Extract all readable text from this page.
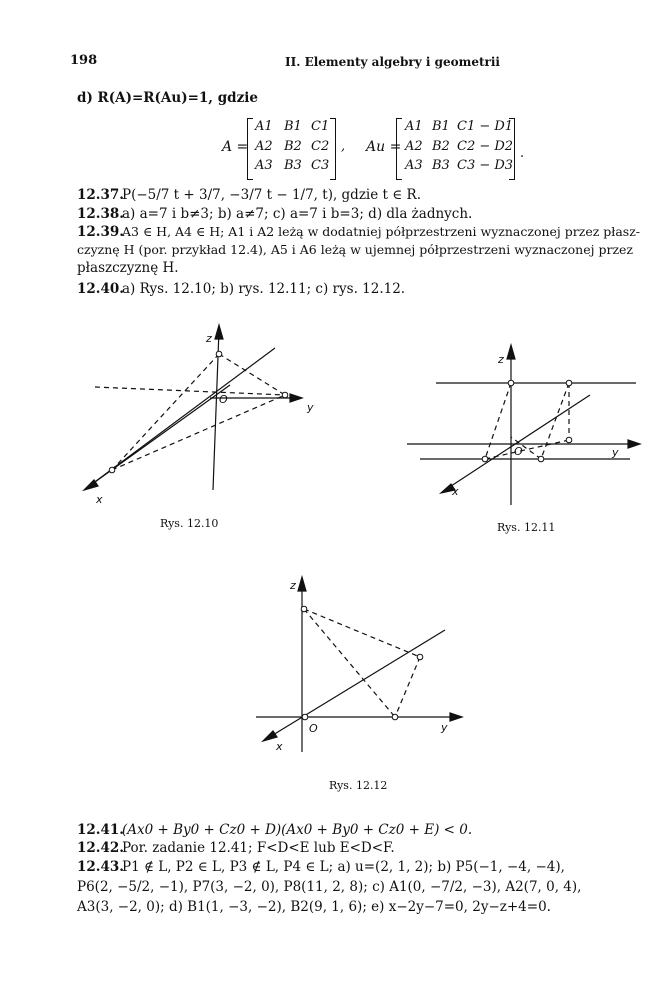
198	II. Elementy algebry i geometrii
d) R(A)=R(Au)=1, gdzie
A =
A1 B1 C1
A2 B2 C2
A3 B3 C3
, Au =
A1 B1 C1 − D1
A2 B2 C2 − D2
A3 B3 C3 − D3
.
12.37.
P(−5/7 t + 3/7, −3/7 t − 1/7, t), gdzie t ∈ R.
12.38.
a) a=7 i b≠3; b) a≠7; c) a=7 i b=3; d) dla żadnych.
12.39.
A3 ∈ H, A4 ∈ H; A1 i A2 leżą w dodatniej półprzestrzeni wyznaczonej przez płasz-
czyznę H (por. przykład 12.4), A5 i A6 leżą w ujemnej półprzestrzeni wyznaczonej przez
płaszczyznę H.
12.40.
a) Rys. 12.10; b) rys. 12.11; c) rys. 12.12.
z
O
y
x
Rys. 12.10
z
O	y
x
Rys. 12.11
z
O	y
x
Rys. 12.12
12.41.
(Ax0 + By0 + Cz0 + D)(Ax0 + By0 + Cz0 + E) < 0.
12.42.
Por. zadanie 12.41; F<D<E lub E<D<F.
12.43.
P1 ∉ L, P2 ∈ L, P3 ∉ L, P4 ∈ L; a) u=(2, 1, 2); b) P5(−1, −4, −4),
P6(2, −5/2, −1), P7(3, −2, 0), P8(11, 2, 8); c) A1(0, −7/2, −3), A2(7, 0, 4),
A3(3, −2, 0); d) B1(1, −3, −2), B2(9, 1, 6); e) x−2y−7=0, 2y−z+4=0.
